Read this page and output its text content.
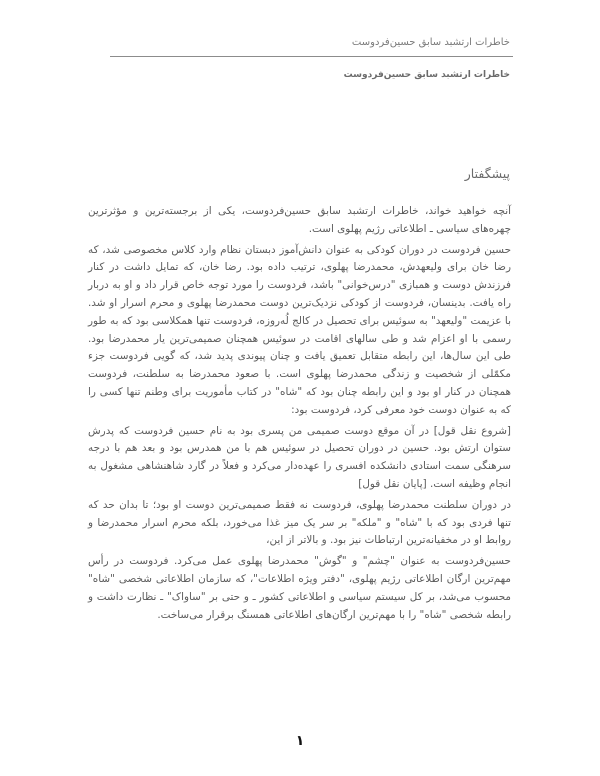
خاطرات ارتشبد سابق حسین‌فردوست
خاطرات ارتشبد سابق حسین‌فردوست
پیشگفتار

آنچه خواهید خواند، خاطرات ارتشبد سابق حسین‌فردوست، یکی از برجسته‌ترین و مؤثرترین چهره‌های سیاسی ـ اطلاعاتی رژیم پهلوی است.

حسین فردوست در دوران کودکی به عنوان دانش‌آموز دبستان نظام وارد کلاس مخصوصی شد، که رضا خان برای ولیعهدش، محمدرضا پهلوی، ترتیب داده بود. رضا خان، که تمایل داشت در کنار فرزندش دوست و همبازی "درس‌خوانی" باشد، فردوست را مورد توجه خاص قرار داد و او به دربار راه یافت. بدینسان، فردوست از کودکی نزدیک‌ترین دوست محمدرضا پهلوی و محرم اسرار او شد. با عزیمت "ولیعهد" به سوئیس برای تحصیل در کالج لُه‌روزه، فردوست تنها همکلاسی بود که به طور رسمی با او اعزام شد و طی سالهای اقامت در سوئیس همچنان صمیمی‌ترین یار محمدرضا بود. طی این سال‌ها، این رابطه متقابل تعمیق یافت و چنان پیوندی پدید شد، که گویی فردوست جزء مکمّلی از شخصیت و زندگی محمدرضا پهلوی است. با صعود محمدرضا به سلطنت، فردوست همچنان در کنار او بود و این رابطه چنان بود که "شاه" در کتاب مأموریت برای وطنم تنها کسی را که به عنوان دوست خود معرفی کرد، فردوست بود:

[شروع نقل قول] در آن موقع دوست صمیمی من پسری بود به نام حسین فردوست که پدرش ستوان ارتش بود. حسین در دوران تحصیل در سوئیس هم با من همدرس بود و بعد هم با درجه سرهنگی سمت استادی دانشکده افسری را عهده‌دار می‌کرد و فعلاً در گارد شاهنشاهی مشغول به انجام وظیفه است. [پایان نقل قول]

در دوران سلطنت محمدرضا پهلوی، فردوست نه فقط صمیمی‌ترین دوست او بود؛ تا بدان حد که تنها فردی بود که با "شاه" و "ملکه" بر سر یک میز غذا می‌خورد، بلکه محرم اسرار محمدرضا و روابط او در مخفیانه‌ترین ارتباطات نیز بود. و بالاتر از این،

حسین‌فردوست به عنوان "چشم" و "گوش" محمدرضا پهلوی عمل می‌کرد. فردوست در رأس مهم‌ترین ارگان اطلاعاتی رژیم پهلوی، "دفتر ویژه اطلاعات"، که سازمان اطلاعاتی شخصی "شاه" محسوب می‌شد، بر کل سیستم سیاسی و اطلاعاتی کشور ـ و حتی بر "ساواک" ـ نظارت داشت و رابطه شخصی "شاه" را با مهم‌ترین ارگان‌های اطلاعاتی همسنگ برقرار می‌ساخت.

۱
